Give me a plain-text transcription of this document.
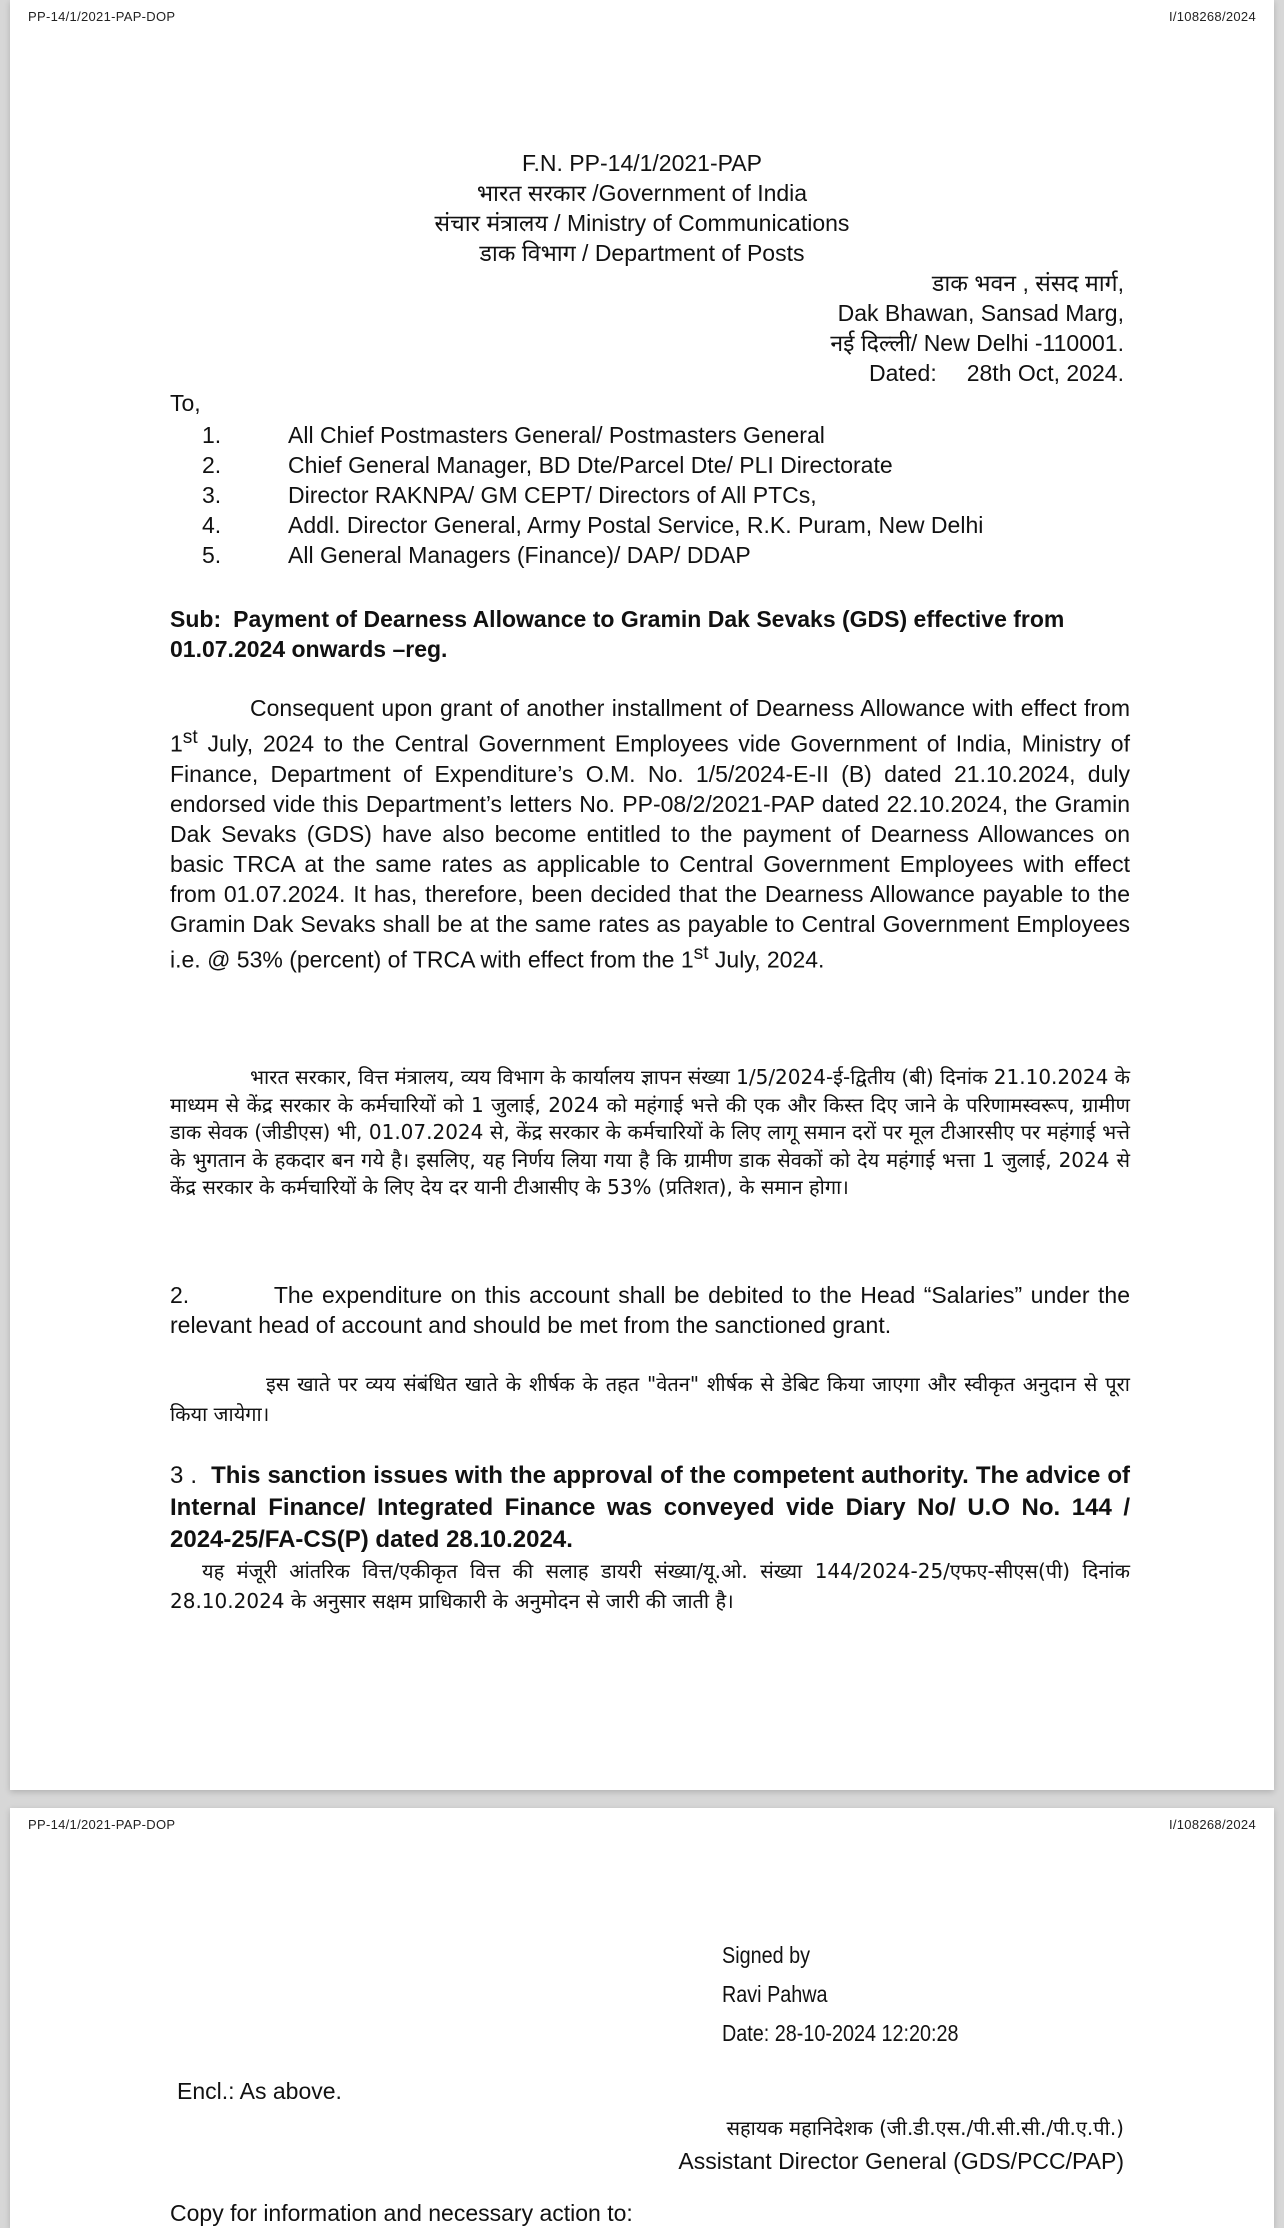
PP-14/1/2021-PAP-DOP	I/108268/2024
F.N. PP-14/1/2021-PAP
भारत सरकार /Government of India
संचार मंत्रालय / Ministry of Communications
डाक विभाग / Department of Posts
डाक भवन , संसद मार्ग,
Dak Bhawan, Sansad Marg,
नई दिल्ली/ New Delhi -110001.
Dated: 28th Oct, 2024.
To,
1.	All Chief Postmasters General/ Postmasters General
2.	Chief General Manager, BD Dte/Parcel Dte/ PLI Directorate
3.	Director RAKNPA/ GM CEPT/ Directors of All PTCs,
4.	Addl. Director General, Army Postal Service, R.K. Puram, New Delhi
5.	All General Managers (Finance)/ DAP/ DDAP
Sub: Payment of Dearness Allowance to Gramin Dak Sevaks (GDS) effective from 01.07.2024 onwards –reg.
Consequent upon grant of another installment of Dearness Allowance with effect from 1st July, 2024 to the Central Government Employees vide Government of India, Ministry of Finance, Department of Expenditure’s O.M. No. 1/5/2024-E-II (B) dated 21.10.2024, duly endorsed vide this Department’s letters No. PP-08/2/2021-PAP dated 22.10.2024, the Gramin Dak Sevaks (GDS) have also become entitled to the payment of Dearness Allowances on basic TRCA at the same rates as applicable to Central Government Employees with effect from 01.07.2024. It has, therefore, been decided that the Dearness Allowance payable to the Gramin Dak Sevaks shall be at the same rates as payable to Central Government Employees i.e. @ 53% (percent) of TRCA with effect from the 1st July, 2024.
भारत सरकार, वित्त मंत्रालय, व्यय विभाग के कार्यालय ज्ञापन संख्या 1/5/2024-ई-द्वितीय (बी) दिनांक 21.10.2024 के माध्यम से केंद्र सरकार के कर्मचारियों को 1 जुलाई, 2024 को महंगाई भत्ते की एक और किस्त दिए जाने के परिणामस्वरूप, ग्रामीण डाक सेवक (जीडीएस) भी, 01.07.2024 से, केंद्र सरकार के कर्मचारियों के लिए लागू समान दरों पर मूल टीआरसीए पर महंगाई भत्ते के भुगतान के हकदार बन गये है। इसलिए, यह निर्णय लिया गया है कि ग्रामीण डाक सेवकों को देय महंगाई भत्ता 1 जुलाई, 2024 से केंद्र सरकार के कर्मचारियों के लिए देय दर यानी टीआसीए के 53% (प्रतिशत), के समान होगा।
2.          The expenditure on this account shall be debited to the Head “Salaries” under the relevant head of account and should be met from the sanctioned grant.
इस खाते पर व्यय संबंधित खाते के शीर्षक के तहत "वेतन" शीर्षक से डेबिट किया जाएगा और स्वीकृत अनुदान से पूरा किया जायेगा।
3 . This sanction issues with the approval of the competent authority. The advice of Internal Finance/ Integrated Finance was conveyed vide Diary No/ U.O No. 144 / 2024-25/FA-CS(P) dated 28.10.2024.
यह मंजूरी आंतरिक वित्त/एकीकृत वित्त की सलाह डायरी संख्या/यू.ओ. संख्या 144/2024-25/एफए-सीएस(पी) दिनांक 28.10.2024 के अनुसार सक्षम प्राधिकारी के अनुमोदन से जारी की जाती है।
PP-14/1/2021-PAP-DOP	I/108268/2024
Signed by
Ravi Pahwa
Date: 28-10-2024 12:20:28
Encl.: As above.
सहायक महानिदेशक (जी.डी.एस./पी.सी.सी./पी.ए.पी.)
Assistant Director General (GDS/PCC/PAP)
Copy for information and necessary action to:
